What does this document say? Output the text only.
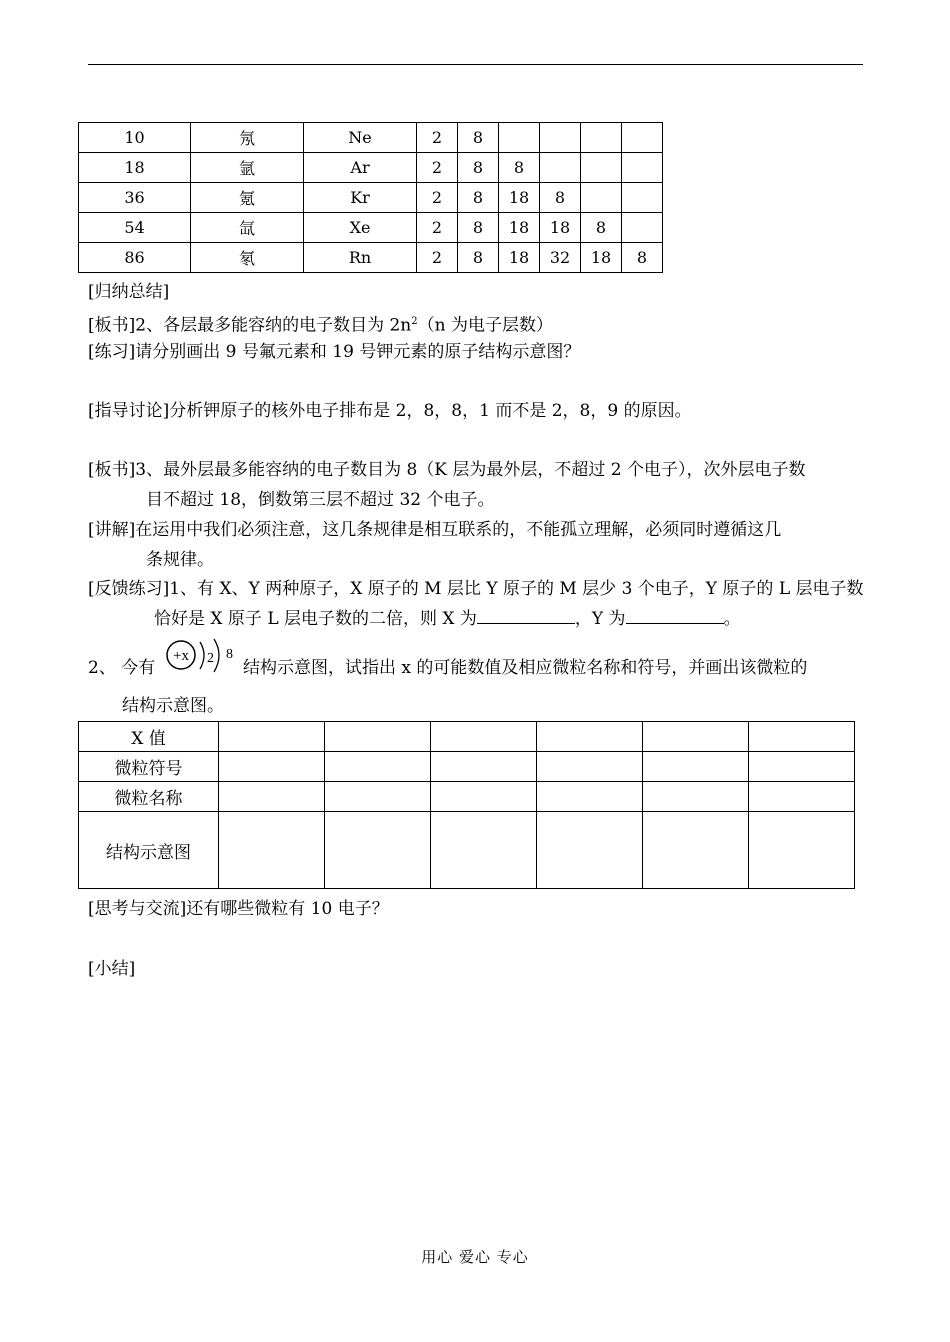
10	氖	Ne	2	8				
18	氩	Ar	2	8	8			
36	氪	Kr	2	8	18	8		
54	氙	Xe	2	8	18	18	8	
86	氡	Rn	2	8	18	32	18	8
[归纳总结]
[板书]2、各层最多能容纳的电子数目为 $2n^2(n$ 为电子层数）
[练习]请分别画出 9 号氟元素和 19 号钾元素的原子结构示意图？
[指导讨论]分析钾原子的核外电子排布是 2，8，8，1 而不是 2，8，9 的原因。
[板书]3、最外层最多能容纳的电子数目为 8（K 层为最外层，不超过 2 个电子），次外层电子数
目不超过 18，倒数第三层不超过 32 个电子。
[讲解]在运用中我们必须注意，这几条规律是相互联系的，不能孤立理解，必须同时遵循这几
条规律。
[反馈练习]1、有 X、Y 两种原子，X 原子的 M 层比 Y 原子的 M 层少 3 个电子，Y 原子的 L 层电子数
恰好是 X 原子 L 层电子数的二倍，则 X 为	，Y 为	。
2、 今有
+x 2 8
结构示意图，试指出 x 的可能数值及相应微粒名称和符号，并画出该微粒的
结构示意图。
X 值						
微粒符号						
微粒名称						
结构示意图						
[思考与交流]还有哪些微粒有 10 电子？
[小结]
用心 爱心 专心
